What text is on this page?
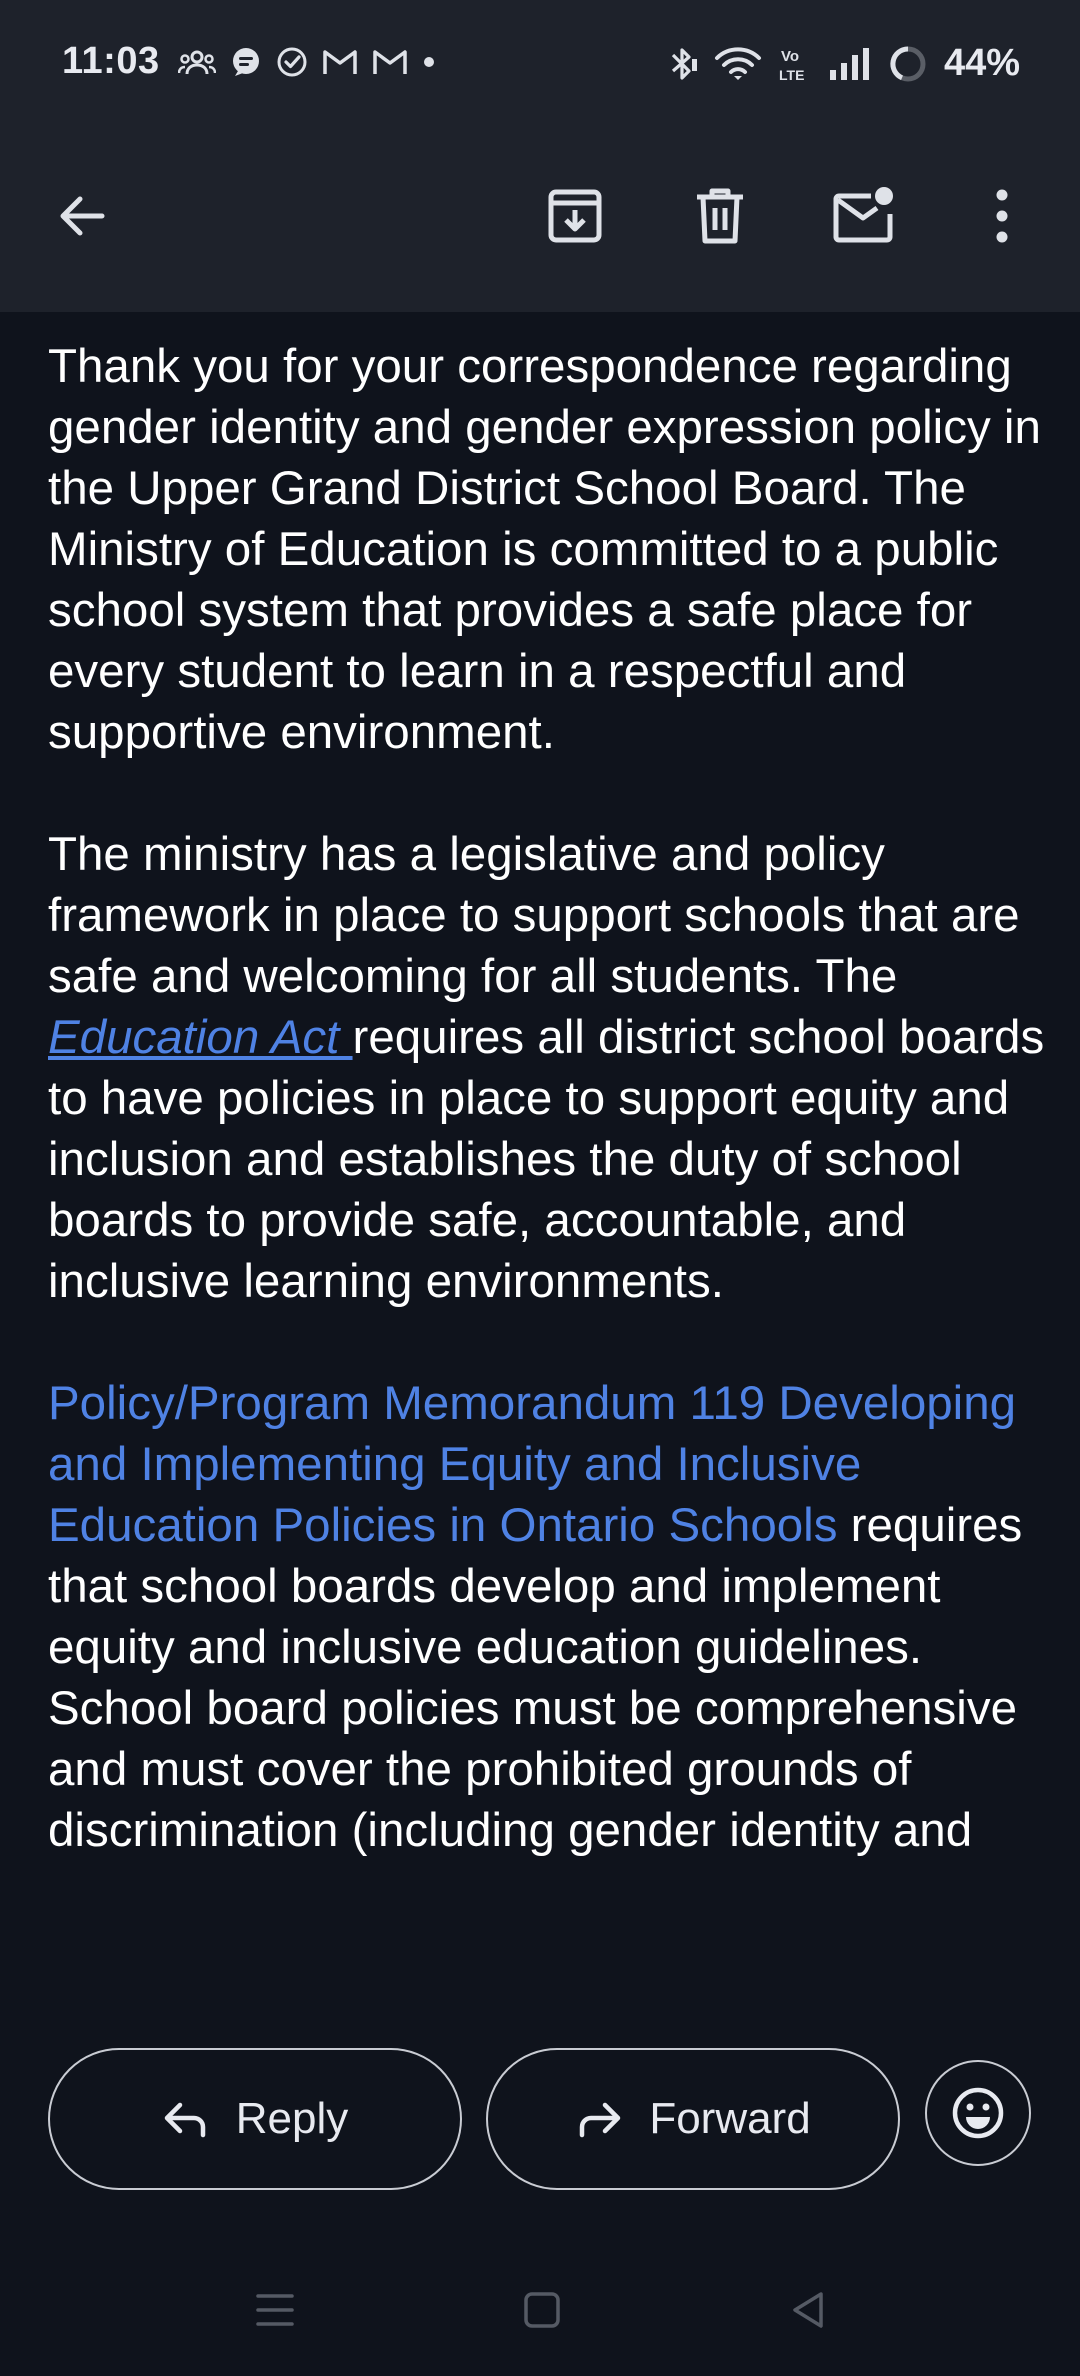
11:03	Vo
LTE	44%

Thank you for your correspondence regarding gender identity and gender expression policy in the Upper Grand District School Board. The Ministry of Education is committed to a public school system that provides a safe place for every student to learn in a respectful and supportive environment.

The ministry has a legislative and policy framework in place to support schools that are safe and welcoming for all students. The Education Act requires all district school boards to have policies in place to support equity and inclusion and establishes the duty of school boards to provide safe, accountable, and inclusive learning environments.

Policy/Program Memorandum 119 Developing and Implementing Equity and Inclusive Education Policies in Ontario Schools requires that school boards develop and implement equity and inclusive education guidelines. School board policies must be comprehensive and must cover the prohibited grounds of discrimination (including gender identity and

Reply	Forward
